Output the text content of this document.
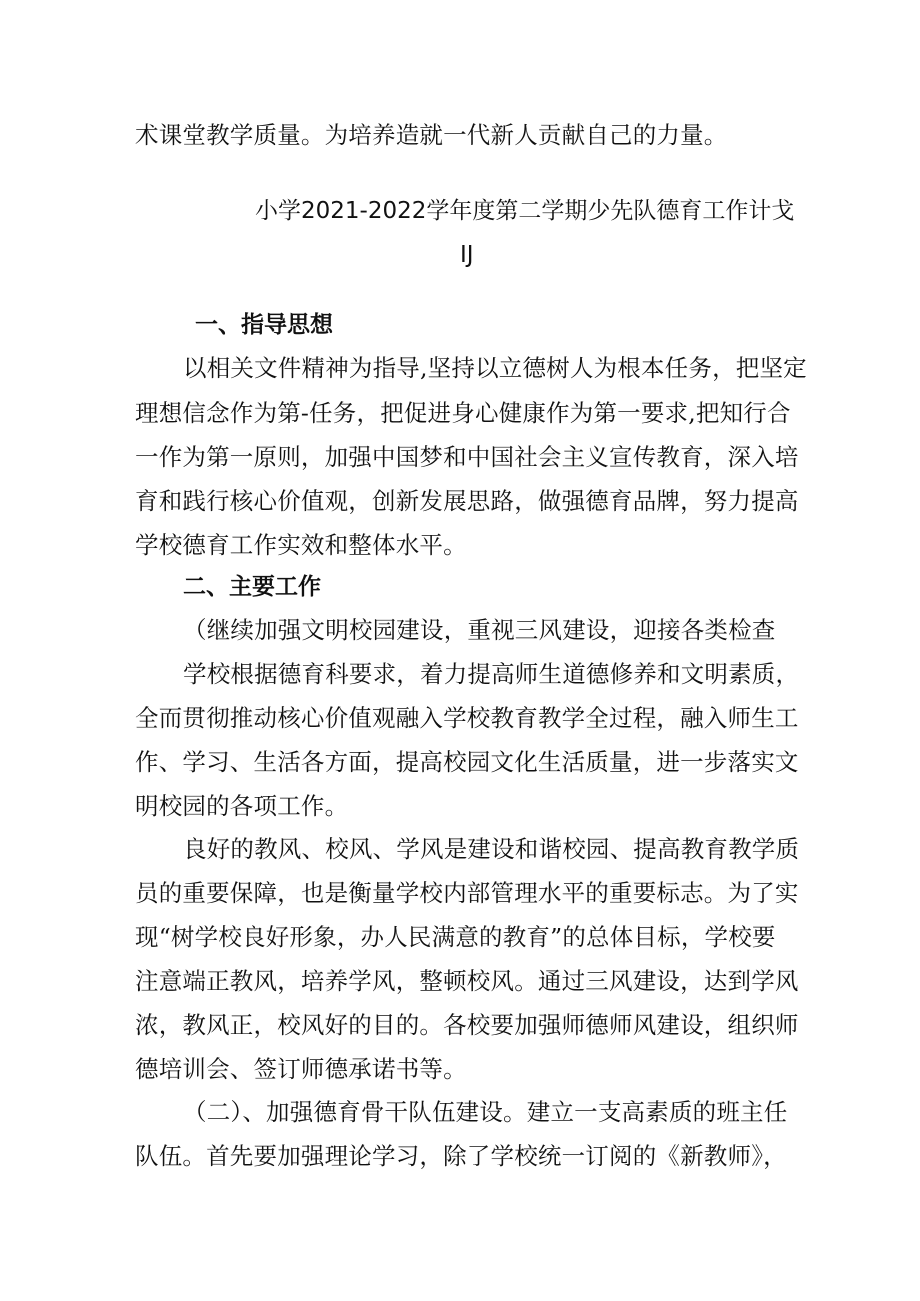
术课堂教学质量。为培养造就一代新人贡献自己的力量。
小学2021-2022学年度第二学期少先队德育工作计戈
IJ
一、指导思想
以相关文件精神为指导,坚持以立德树人为根本任务，把坚定
理想信念作为第-任务，把促进身心健康作为第一要求,把知行合
一作为第一原则，加强中国梦和中国社会主义宣传教育，深入培
育和践行核心价值观，创新发展思路，做强德育品牌，努力提高
学校德育工作实效和整体水平。
二、主要工作
（继续加强文明校园建设，重视三风建设，迎接各类检查
学校根据德育科要求，着力提高师生道德修养和文明素质，
全而贯彻推动核心价值观融入学校教育教学全过程，融入师生工
作、学习、生活各方面，提高校园文化生活质量，进一步落实文
明校园的各项工作。
良好的教风、校风、学风是建设和谐校园、提高教育教学质
员的重要保障，也是衡量学校内部管理水平的重要标志。为了实
现“树学校良好形象，办人民满意的教育”的总体目标，学校要
注意端正教风，培养学风，整顿校风。通过三风建设，达到学风
浓，教风正，校风好的目的。各校要加强师德师风建设，组织师
德培训会、签订师德承诺书等。
（二）、加强德育骨干队伍建设。建立一支高素质的班主任
队伍。首先要加强理论学习，除了学校统一订阅的《新教师》，
